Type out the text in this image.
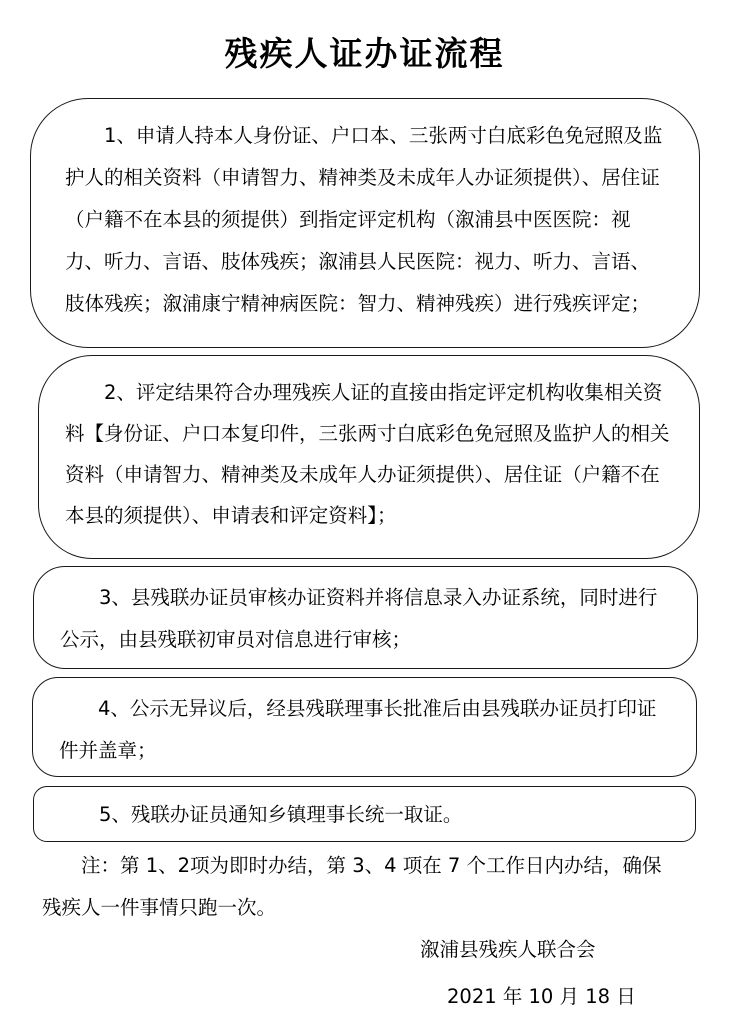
残疾人证办证流程

1、申请人持本人身份证、户口本、三张两寸白底彩色免冠照及监护人的相关资料（申请智力、精神类及未成年人办证须提供）、居住证（户籍不在本县的须提供）到指定评定机构（溆浦县中医医院：视力、听力、言语、肢体残疾；溆浦县人民医院：视力、听力、言语、肢体残疾；溆浦康宁精神病医院：智力、精神残疾）进行残疾评定；

2、评定结果符合办理残疾人证的直接由指定评定机构收集相关资料【身份证、户口本复印件，三张两寸白底彩色免冠照及监护人的相关资料（申请智力、精神类及未成年人办证须提供）、居住证（户籍不在本县的须提供）、申请表和评定资料】；

3、县残联办证员审核办证资料并将信息录入办证系统，同时进行公示，由县残联初审员对信息进行审核；

4、公示无异议后，经县残联理事长批准后由县残联办证员打印证件并盖章；

5、残联办证员通知乡镇理事长统一取证。

注：第 1、2项为即时办结，第 3、4 项在 7 个工作日内办结，确保残疾人一件事情只跑一次。

溆浦县残疾人联合会
2021 年 10 月 18 日
